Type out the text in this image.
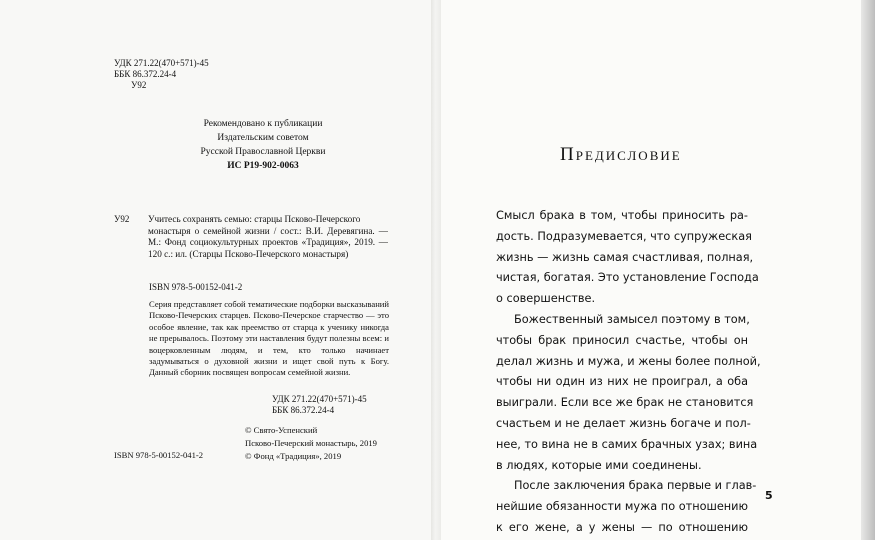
УДК 271.22(470+571)-45
ББК 86.372.24-4
У92
Рекомендовано к публикации
Издательским советом
Русской Православной Церкви
ИС Р19-902-0063
У92 Учитесь сохранять семью: старцы Псково-Печерского
монастыря о семейной жизни / сост.: В.И. Деревягина. — М.: Фонд социокультурных проектов «Традиция», 2019. — 120 с.: ил. (Старцы Псково-Печерского монастыря)
ISBN 978-5-00152-041-2
Серия представляет собой тематические подборки высказываний Псково-Печерских старцев. Псково-Печерское старчество — это особое явление, так как преемство от старца к ученику никогда не прерывалось. Поэтому эти наставления будут полезны всем: и воцерковленным людям, и тем, кто только начинает задумываться о духовной жизни и ищет свой путь к Богу. Данный сборник посвящен вопросам семейной жизни.
УДК 271.22(470+571)-45
ББК 86.372.24-4
© Свято-Успенский
Псково-Печерский монастырь, 2019
© Фонд «Традиция», 2019
ISBN 978-5-00152-041-2
Предисловие
Смысл брака в том, чтобы приносить ра-
дость. Подразумевается, что супружеская
жизнь — жизнь самая счастливая, полная,
чистая, богатая. Это установление Господа
о совершенстве.
Божественный замысел поэтому в том,
чтобы брак приносил счастье, чтобы он
делал жизнь и мужа, и жены более полной,
чтобы ни один из них не проиграл, а оба
выиграли. Если все же брак не становится
счастьем и не делает жизнь богаче и пол-
нее, то вина не в самих брачных узах; вина
в людях, которые ими соединены.
После заключения брака первые и глав-
нейшие обязанности мужа по отношению
к его жене, а у жены — по отношению
5
